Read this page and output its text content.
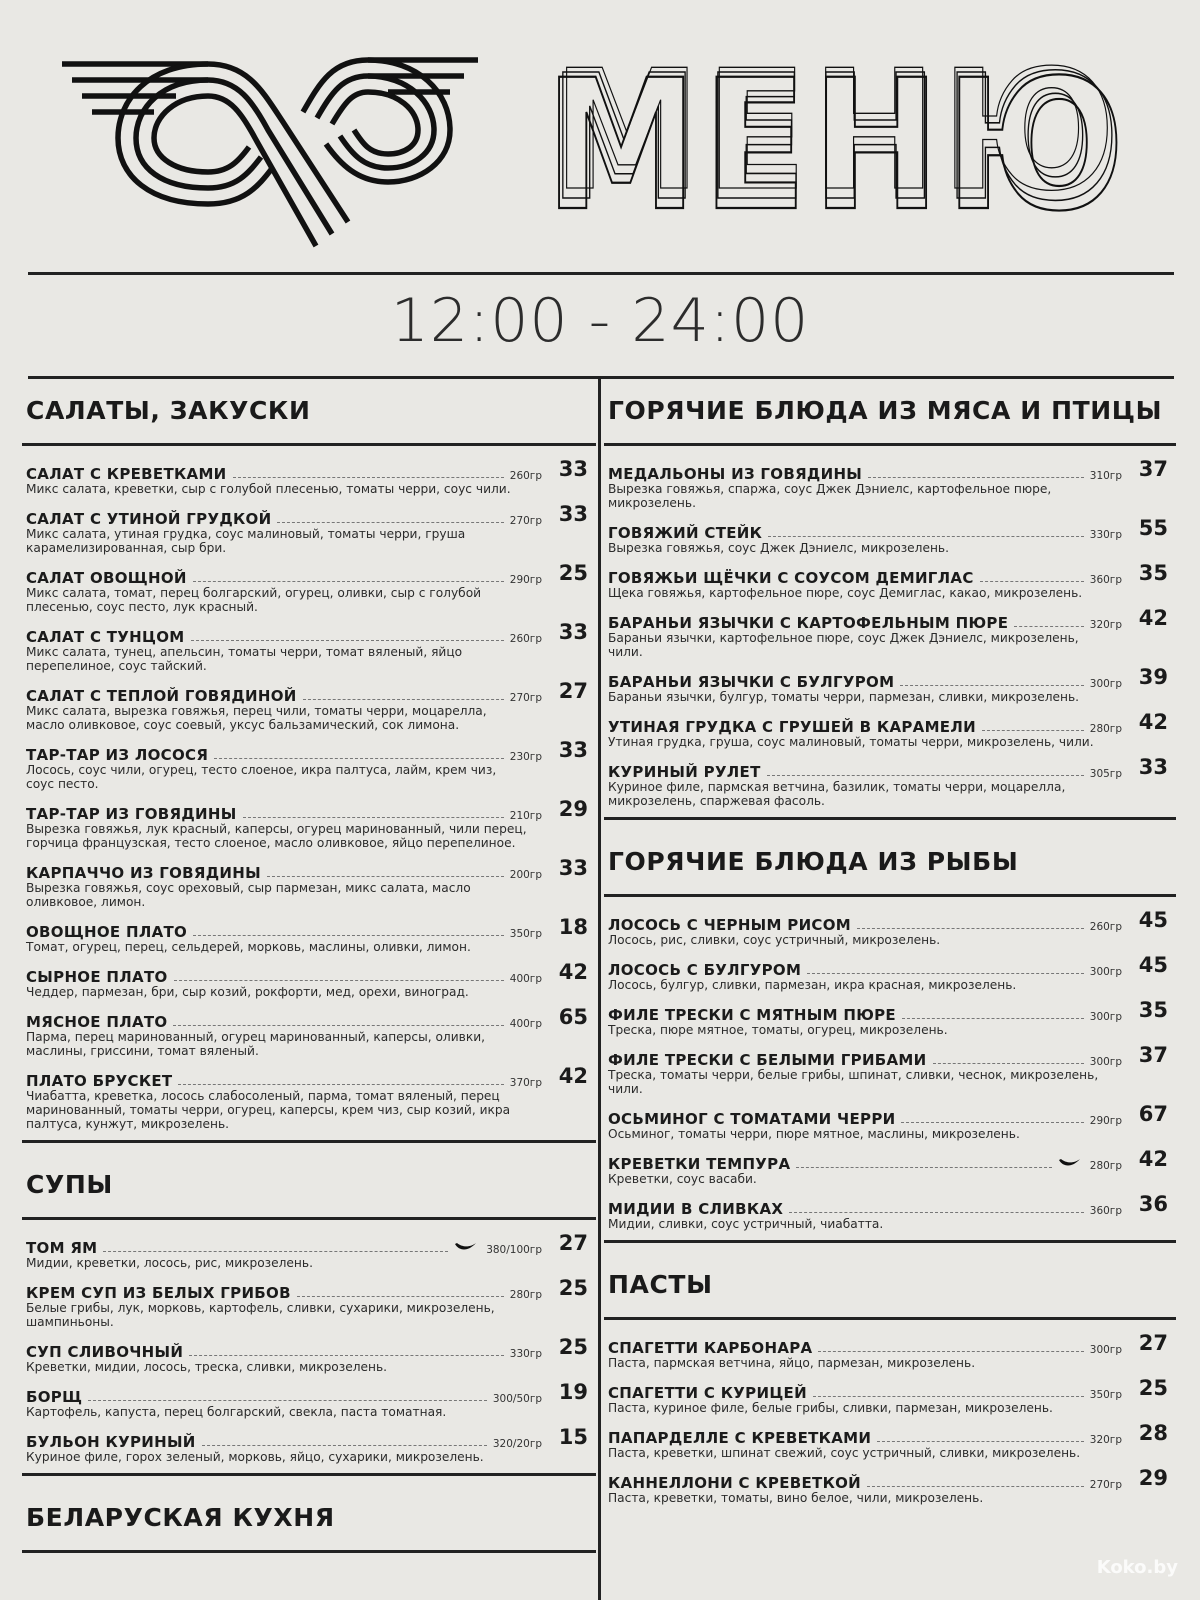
МЕНЮ
МЕНЮ
МЕНЮ
12:00 - 24:00
САЛАТЫ, ЗАКУСКИ
САЛАТ С КРЕВЕТКАМИ	260гр 33
Микс салата, креветки, сыр с голубой плесенью, томаты черри, соус чили.
САЛАТ С УТИНОЙ ГРУДКОЙ	270гр 33
Микс салата, утиная грудка, соус малиновый, томаты черри, груша карамелизированная, сыр бри.
САЛАТ ОВОЩНОЙ	290гр 25
Микс салата, томат, перец болгарский, огурец, оливки, сыр с голубой плесенью, соус песто, лук красный.
САЛАТ С ТУНЦОМ	260гр 33
Микс салата, тунец, апельсин, томаты черри, томат вяленый, яйцо перепелиное, соус тайский.
САЛАТ С ТЕПЛОЙ ГОВЯДИНОЙ	270гр 27
Микс салата, вырезка говяжья, перец чили, томаты черри, моцарелла, масло оливковое, соус соевый, уксус бальзамический, сок лимона.
ТАР-ТАР ИЗ ЛОСОСЯ	230гр 33
Лосось, соус чили, огурец, тесто слоеное, икра палтуса, лайм, крем чиз, соус песто.
ТАР-ТАР ИЗ ГОВЯДИНЫ	210гр 29
Вырезка говяжья, лук красный, каперсы, огурец маринованный, чили перец, горчица французская, тесто слоеное, масло оливковое, яйцо перепелиное.
КАРПАЧЧО ИЗ ГОВЯДИНЫ	200гр 33
Вырезка говяжья, соус ореховый, сыр пармезан, микс салата, масло оливковое, лимон.
ОВОЩНОЕ ПЛАТО	350гр 18
Томат, огурец, перец, сельдерей, морковь, маслины, оливки, лимон.
СЫРНОЕ ПЛАТО	400гр 42
Чеддер, пармезан, бри, сыр козий, рокфорти, мед, орехи, виноград.
МЯСНОЕ ПЛАТО	400гр 65
Парма, перец маринованный, огурец маринованный, каперсы, оливки, маслины, гриссини, томат вяленый.
ПЛАТО БРУСКЕТ	370гр 42
Чиабатта, креветка, лосось слабосоленый, парма, томат вяленый, перец маринованный, томаты черри, огурец, каперсы, крем чиз, сыр козий, икра палтуса, кунжут, микрозелень.
СУПЫ
ТОМ ЯМ	380/100гр 27
Мидии, креветки, лосось, рис, микрозелень.
КРЕМ СУП ИЗ БЕЛЫХ ГРИБОВ	280гр 25
Белые грибы, лук, морковь, картофель, сливки, сухарики, микрозелень, шампиньоны.
СУП СЛИВОЧНЫЙ	330гр 25
Креветки, мидии, лосось, треска, сливки, микрозелень.
БОРЩ	300/50гр 19
Картофель, капуста, перец болгарский, свекла, паста томатная.
БУЛЬОН КУРИНЫЙ	320/20гр 15
Куриное филе, горох зеленый, морковь, яйцо, сухарики, микрозелень.
БЕЛАРУСКАЯ КУХНЯ
ГОРЯЧИЕ БЛЮДА ИЗ МЯСА И ПТИЦЫ
МЕДАЛЬОНЫ ИЗ ГОВЯДИНЫ	310гр 37
Вырезка говяжья, спаржа, соус Джек Дэниелс, картофельное пюре, микрозелень.
ГОВЯЖИЙ СТЕЙК	330гр 55
Вырезка говяжья, соус Джек Дэниелс, микрозелень.
ГОВЯЖЬИ ЩЁЧКИ С СОУСОМ ДЕМИГЛАС	360гр 35
Щека говяжья, картофельное пюре, соус Демиглас, какао, микрозелень.
БАРАНЬИ ЯЗЫЧКИ С КАРТОФЕЛЬНЫМ ПЮРЕ	320гр 42
Бараньи язычки, картофельное пюре, соус Джек Дэниелс, микрозелень, чили.
БАРАНЬИ ЯЗЫЧКИ С БУЛГУРОМ	300гр 39
Бараньи язычки, булгур, томаты черри, пармезан, сливки, микрозелень.
УТИНАЯ ГРУДКА С ГРУШЕЙ В КАРАМЕЛИ	280гр 42
Утиная грудка, груша, соус малиновый, томаты черри, микрозелень, чили.
КУРИНЫЙ РУЛЕТ	305гр 33
Куриное филе, пармская ветчина, базилик, томаты черри, моцарелла, микрозелень, спаржевая фасоль.
ГОРЯЧИЕ БЛЮДА ИЗ РЫБЫ
ЛОСОСЬ С ЧЕРНЫМ РИСОМ	260гр 45
Лосось, рис, сливки, соус устричный, микрозелень.
ЛОСОСЬ С БУЛГУРОМ	300гр 45
Лосось, булгур, сливки, пармезан, икра красная, микрозелень.
ФИЛЕ ТРЕСКИ С МЯТНЫМ ПЮРЕ	300гр 35
Треска, пюре мятное, томаты, огурец, микрозелень.
ФИЛЕ ТРЕСКИ С БЕЛЫМИ ГРИБАМИ	300гр 37
Треска, томаты черри, белые грибы, шпинат, сливки, чеснок, микрозелень, чили.
ОСЬМИНОГ С ТОМАТАМИ ЧЕРРИ	290гр 67
Осьминог, томаты черри, пюре мятное, маслины, микрозелень.
КРЕВЕТКИ ТЕМПУРА	280гр 42
Креветки, соус васаби.
МИДИИ В СЛИВКАХ	360гр 36
Мидии, сливки, соус устричный, чиабатта.
ПАСТЫ
СПАГЕТТИ КАРБОНАРА	300гр 27
Паста, пармская ветчина, яйцо, пармезан, микрозелень.
СПАГЕТТИ С КУРИЦЕЙ	350гр 25
Паста, куриное филе, белые грибы, сливки, пармезан, микрозелень.
ПАПАРДЕЛЛЕ С КРЕВЕТКАМИ	320гр 28
Паста, креветки, шпинат свежий, соус устричный, сливки, микрозелень.
КАННЕЛЛОНИ С КРЕВЕТКОЙ	270гр 29
Паста, креветки, томаты, вино белое, чили, микрозелень.
Koko.by
